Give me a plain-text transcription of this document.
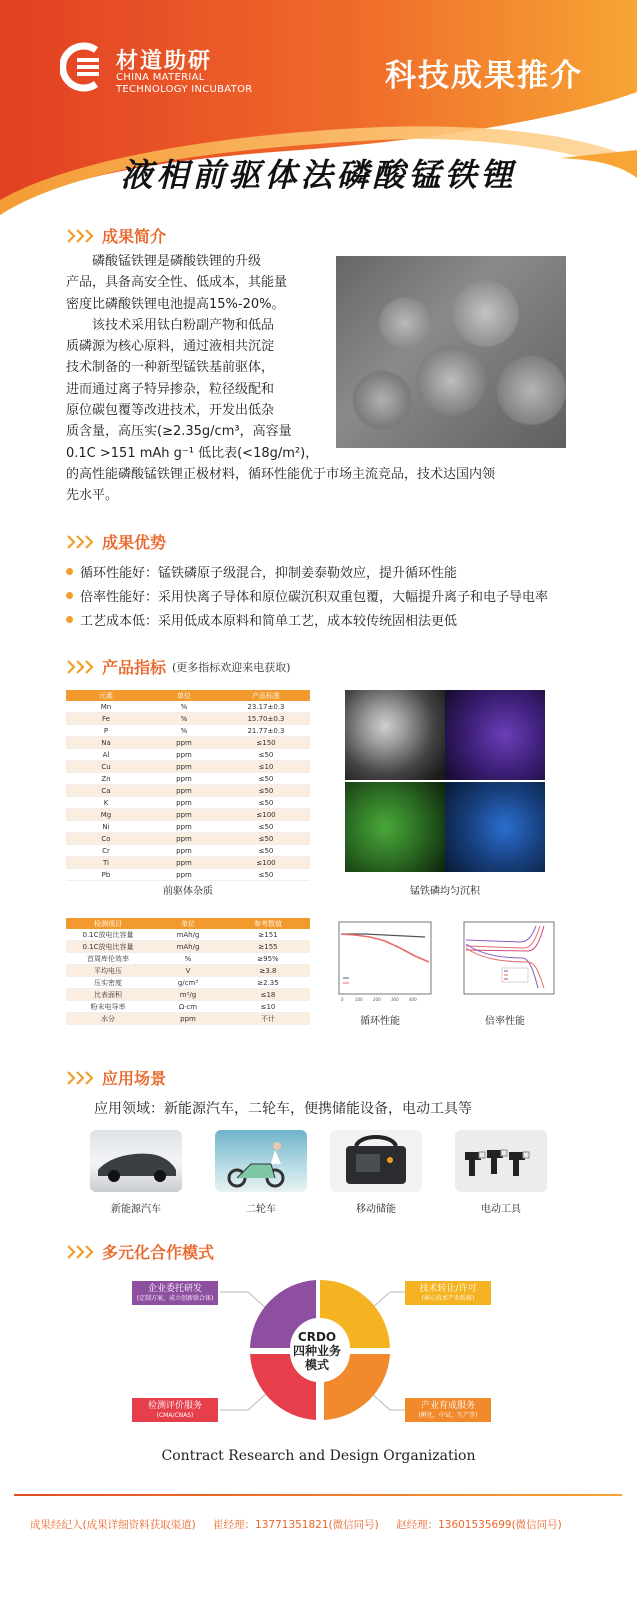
材道助研
CHINA MATERIAL
TECHNOLOGY INCUBATOR	科技成果推介
液相前驱体法磷酸锰铁锂
成果简介
　　磷酸锰铁锂是磷酸铁锂的升级
产品，具备高安全性、低成本，其能量
密度比磷酸铁锂电池提高15%-20%。
　　该技术采用钛白粉副产物和低品
质磷源为核心原料，通过液相共沉淀
技术制备的一种新型锰铁基前驱体，
进而通过离子特异掺杂，粒径级配和
原位碳包覆等改进技术，开发出低杂
质含量，高压实(≥2.35g/cm³，高容量
0.1C >151 mAh g⁻¹ 低比表(<18g/m²)，
的高性能磷酸锰铁锂正极材料，循环性能优于市场主流竞品，技术达国内领
先水平。
成果优势
循环性能好：锰铁磷原子级混合，抑制姜泰勒效应，提升循环性能
倍率性能好：采用快离子导体和原位碳沉积双重包覆，大幅提升离子和电子导电率
工艺成本低：采用低成本原料和简单工艺，成本较传统固相法更低
产品指标 (更多指标欢迎来电获取)
元素	单位	产品标准
Mn	%	23.17±0.3
Fe	%	15.70±0.3
P	%	21.77±0.3
Na	ppm	≤150
Al	ppm	≤50
Cu	ppm	≤10
Zn	ppm	≤50
Ca	ppm	≤50
K	ppm	≤50
Mg	ppm	≤100
Ni	ppm	≤50
Co	ppm	≤50
Cr	ppm	≤50
Ti	ppm	≤100
Pb	ppm	≤50
前驱体杂质	锰铁磷均匀沉积
检测项目	单位	参考数值
0.1C放电比容量	mAh/g	≥151
0.1C放电比容量	mAh/g	≥155
首周库伦效率	%	≥95%
平均电压	V	≥3.8
压实密度	g/cm³	≥2.35
比表面积	m²/g	≤18
粉末电导率	Ω·cm	≤10
水分	ppm	不计
0	100	200	300	400
循环性能	倍率性能
应用场景
应用领域：新能源汽车，二轮车，便携储能设备，电动工具等
新能源汽车	二轮车	移动储能	电动工具
多元化合作模式
CRDO
四种业务
模式
企业委托研发
(定制方案，成立创新联合体)
技术转让/许可
(核心技术产业转移)
检测评价服务
(CMA/CNAS)
产业育成服务
(孵化、中试、生产等)
Contract Research and Design Organization
成果经纪人(成果详细资料获取渠道) 崔经理：13771351821(微信同号) 赵经理：13601535699(微信同号)
